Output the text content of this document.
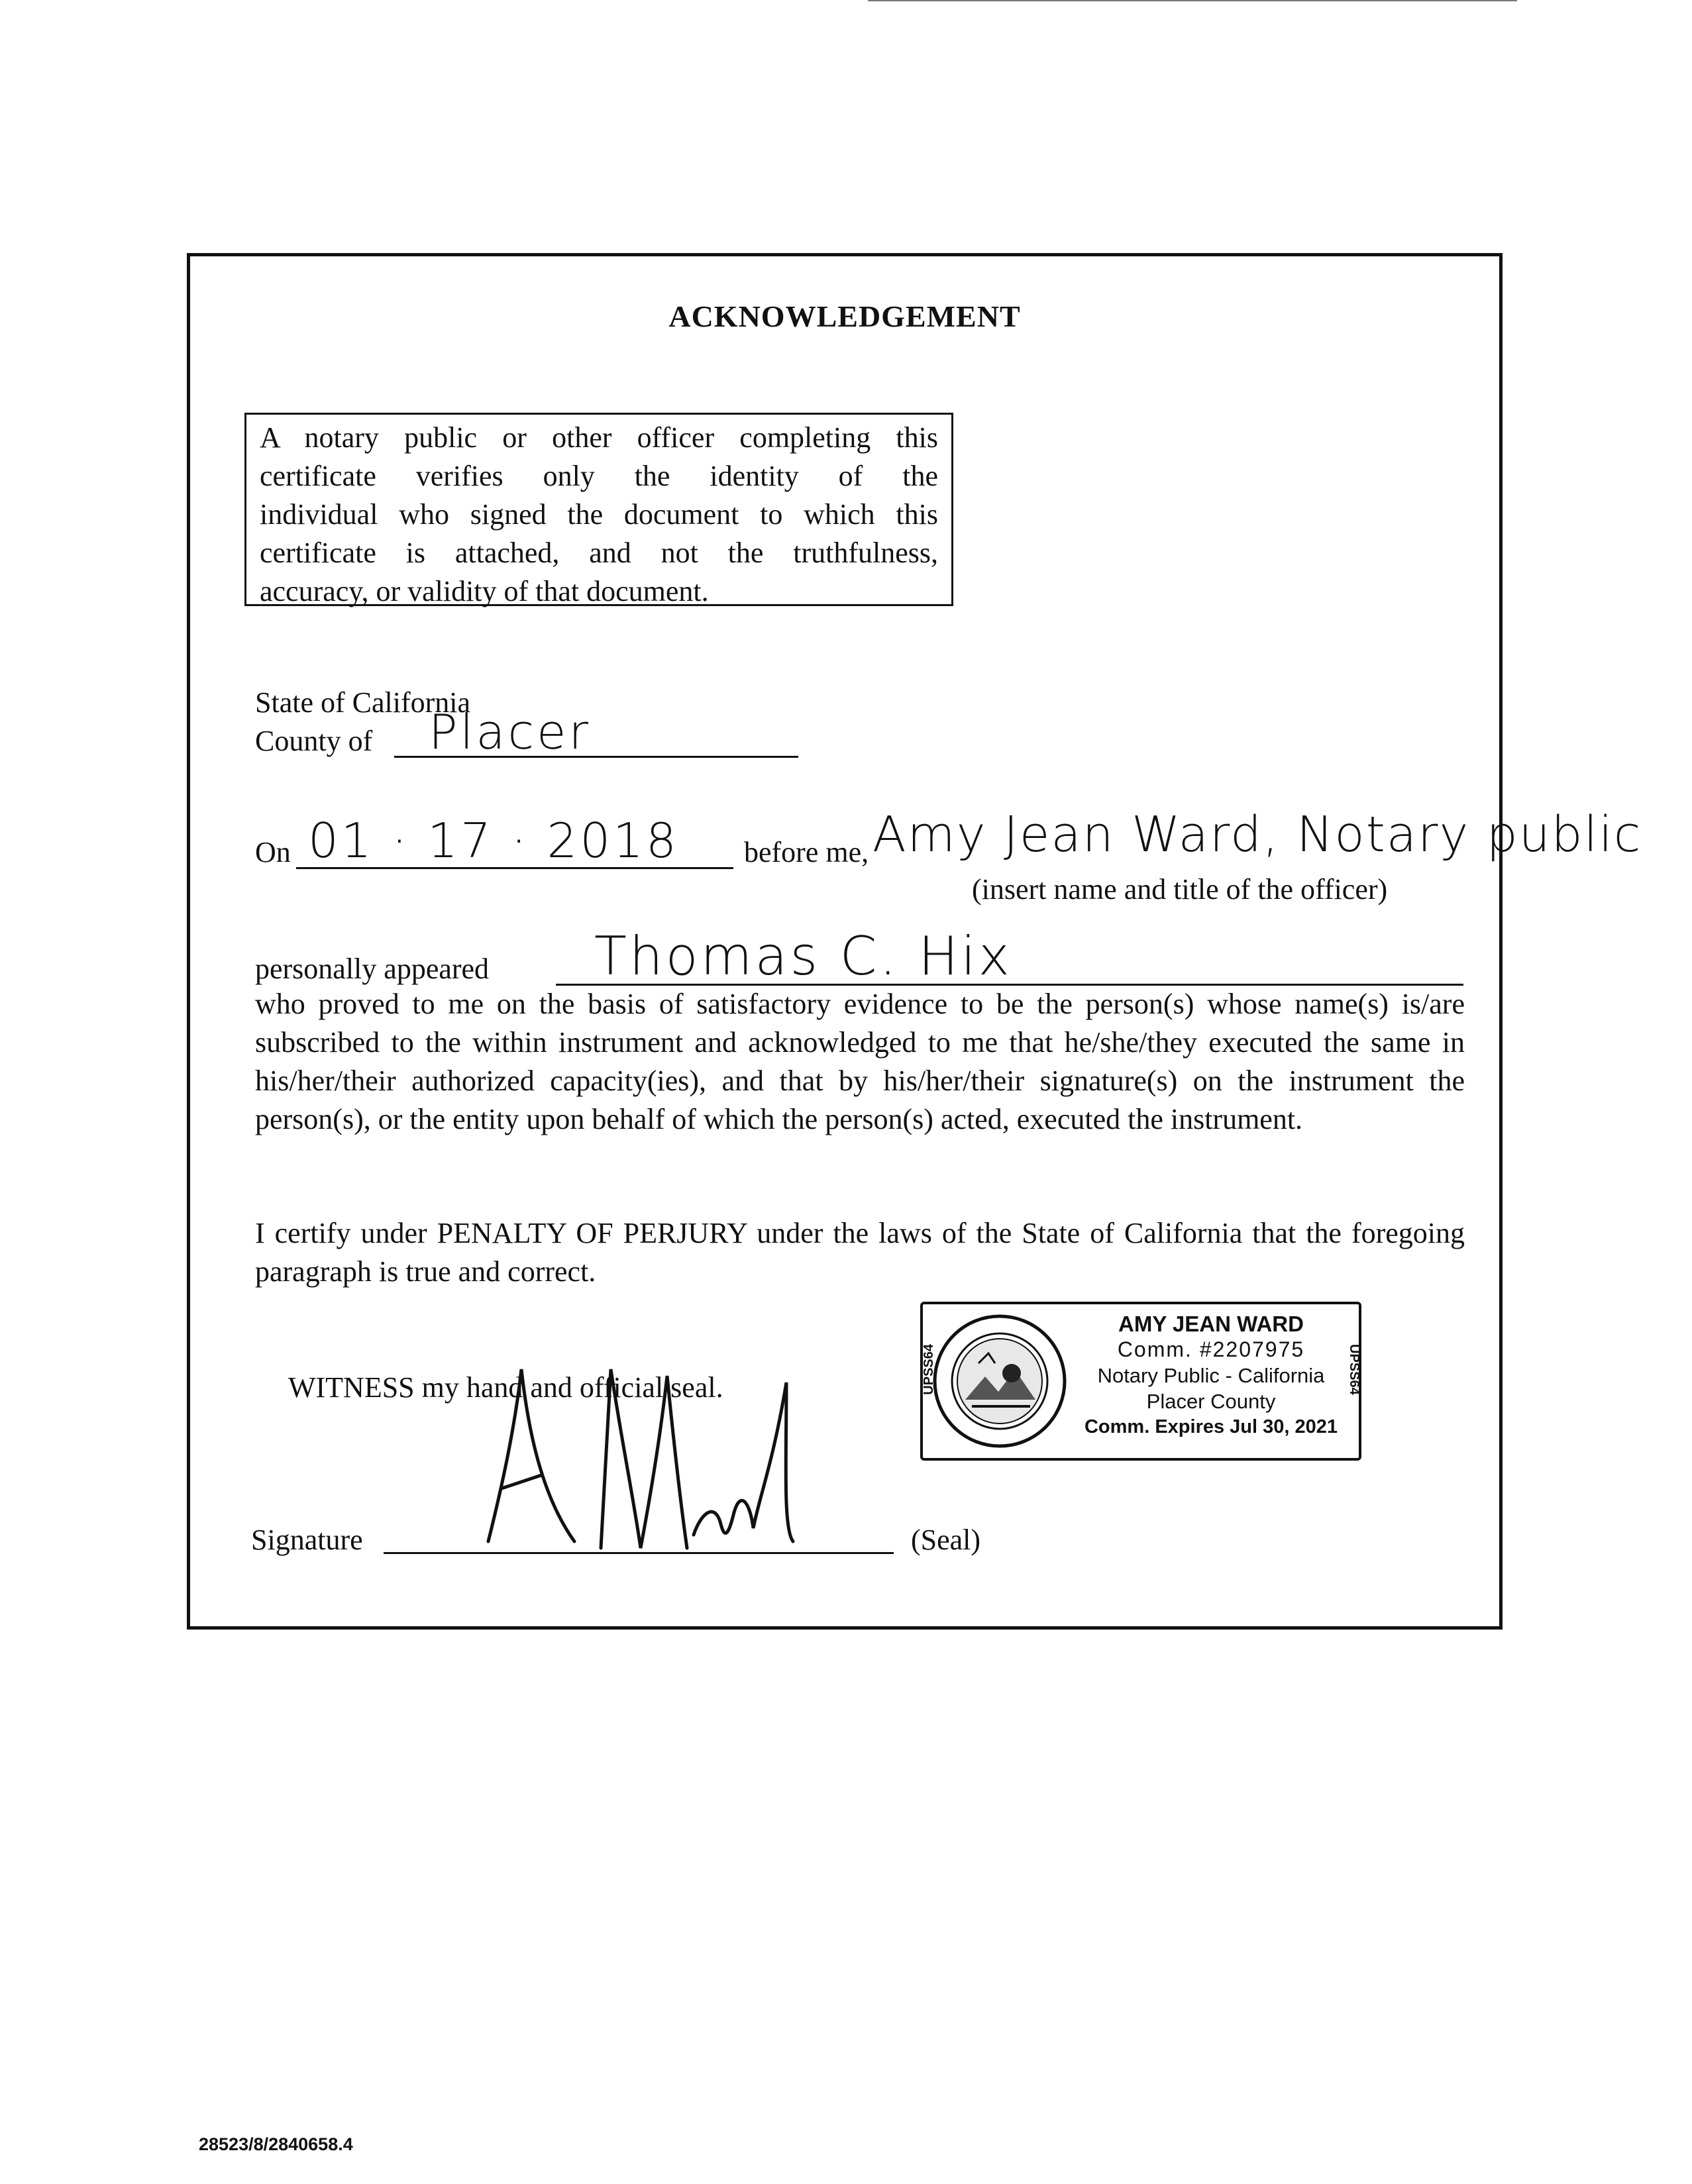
ACKNOWLEDGEMENT
A notary public or other officer completing this
certificate verifies only the identity of the
individual who signed the document to which this
certificate is attached, and not the truthfulness,
accuracy, or validity of that document.
State of California
County of Placer
On 01 · 17 · 2018 before me, Amy Jean Ward, Notary public
(insert name and title of the officer)
personally appeared Thomas C. Hix
who proved to me on the basis of satisfactory evidence to be the person(s) whose name(s) is/are subscribed to the within instrument and acknowledged to me that he/she/they executed the same in his/her/their authorized capacity(ies), and that by his/her/their signature(s) on the instrument the person(s), or the entity upon behalf of which the person(s) acted, executed the instrument.
I certify under PENALTY OF PERJURY under the laws of the State of California that the foregoing paragraph is true and correct.
WITNESS my hand and official seal.
Signature	(Seal)
AMY JEAN WARD
Comm. #2207975
Notary Public - California
Placer County
Comm. Expires Jul 30, 2021
UPSS64	UPSS64
28523/8/2840658.4
